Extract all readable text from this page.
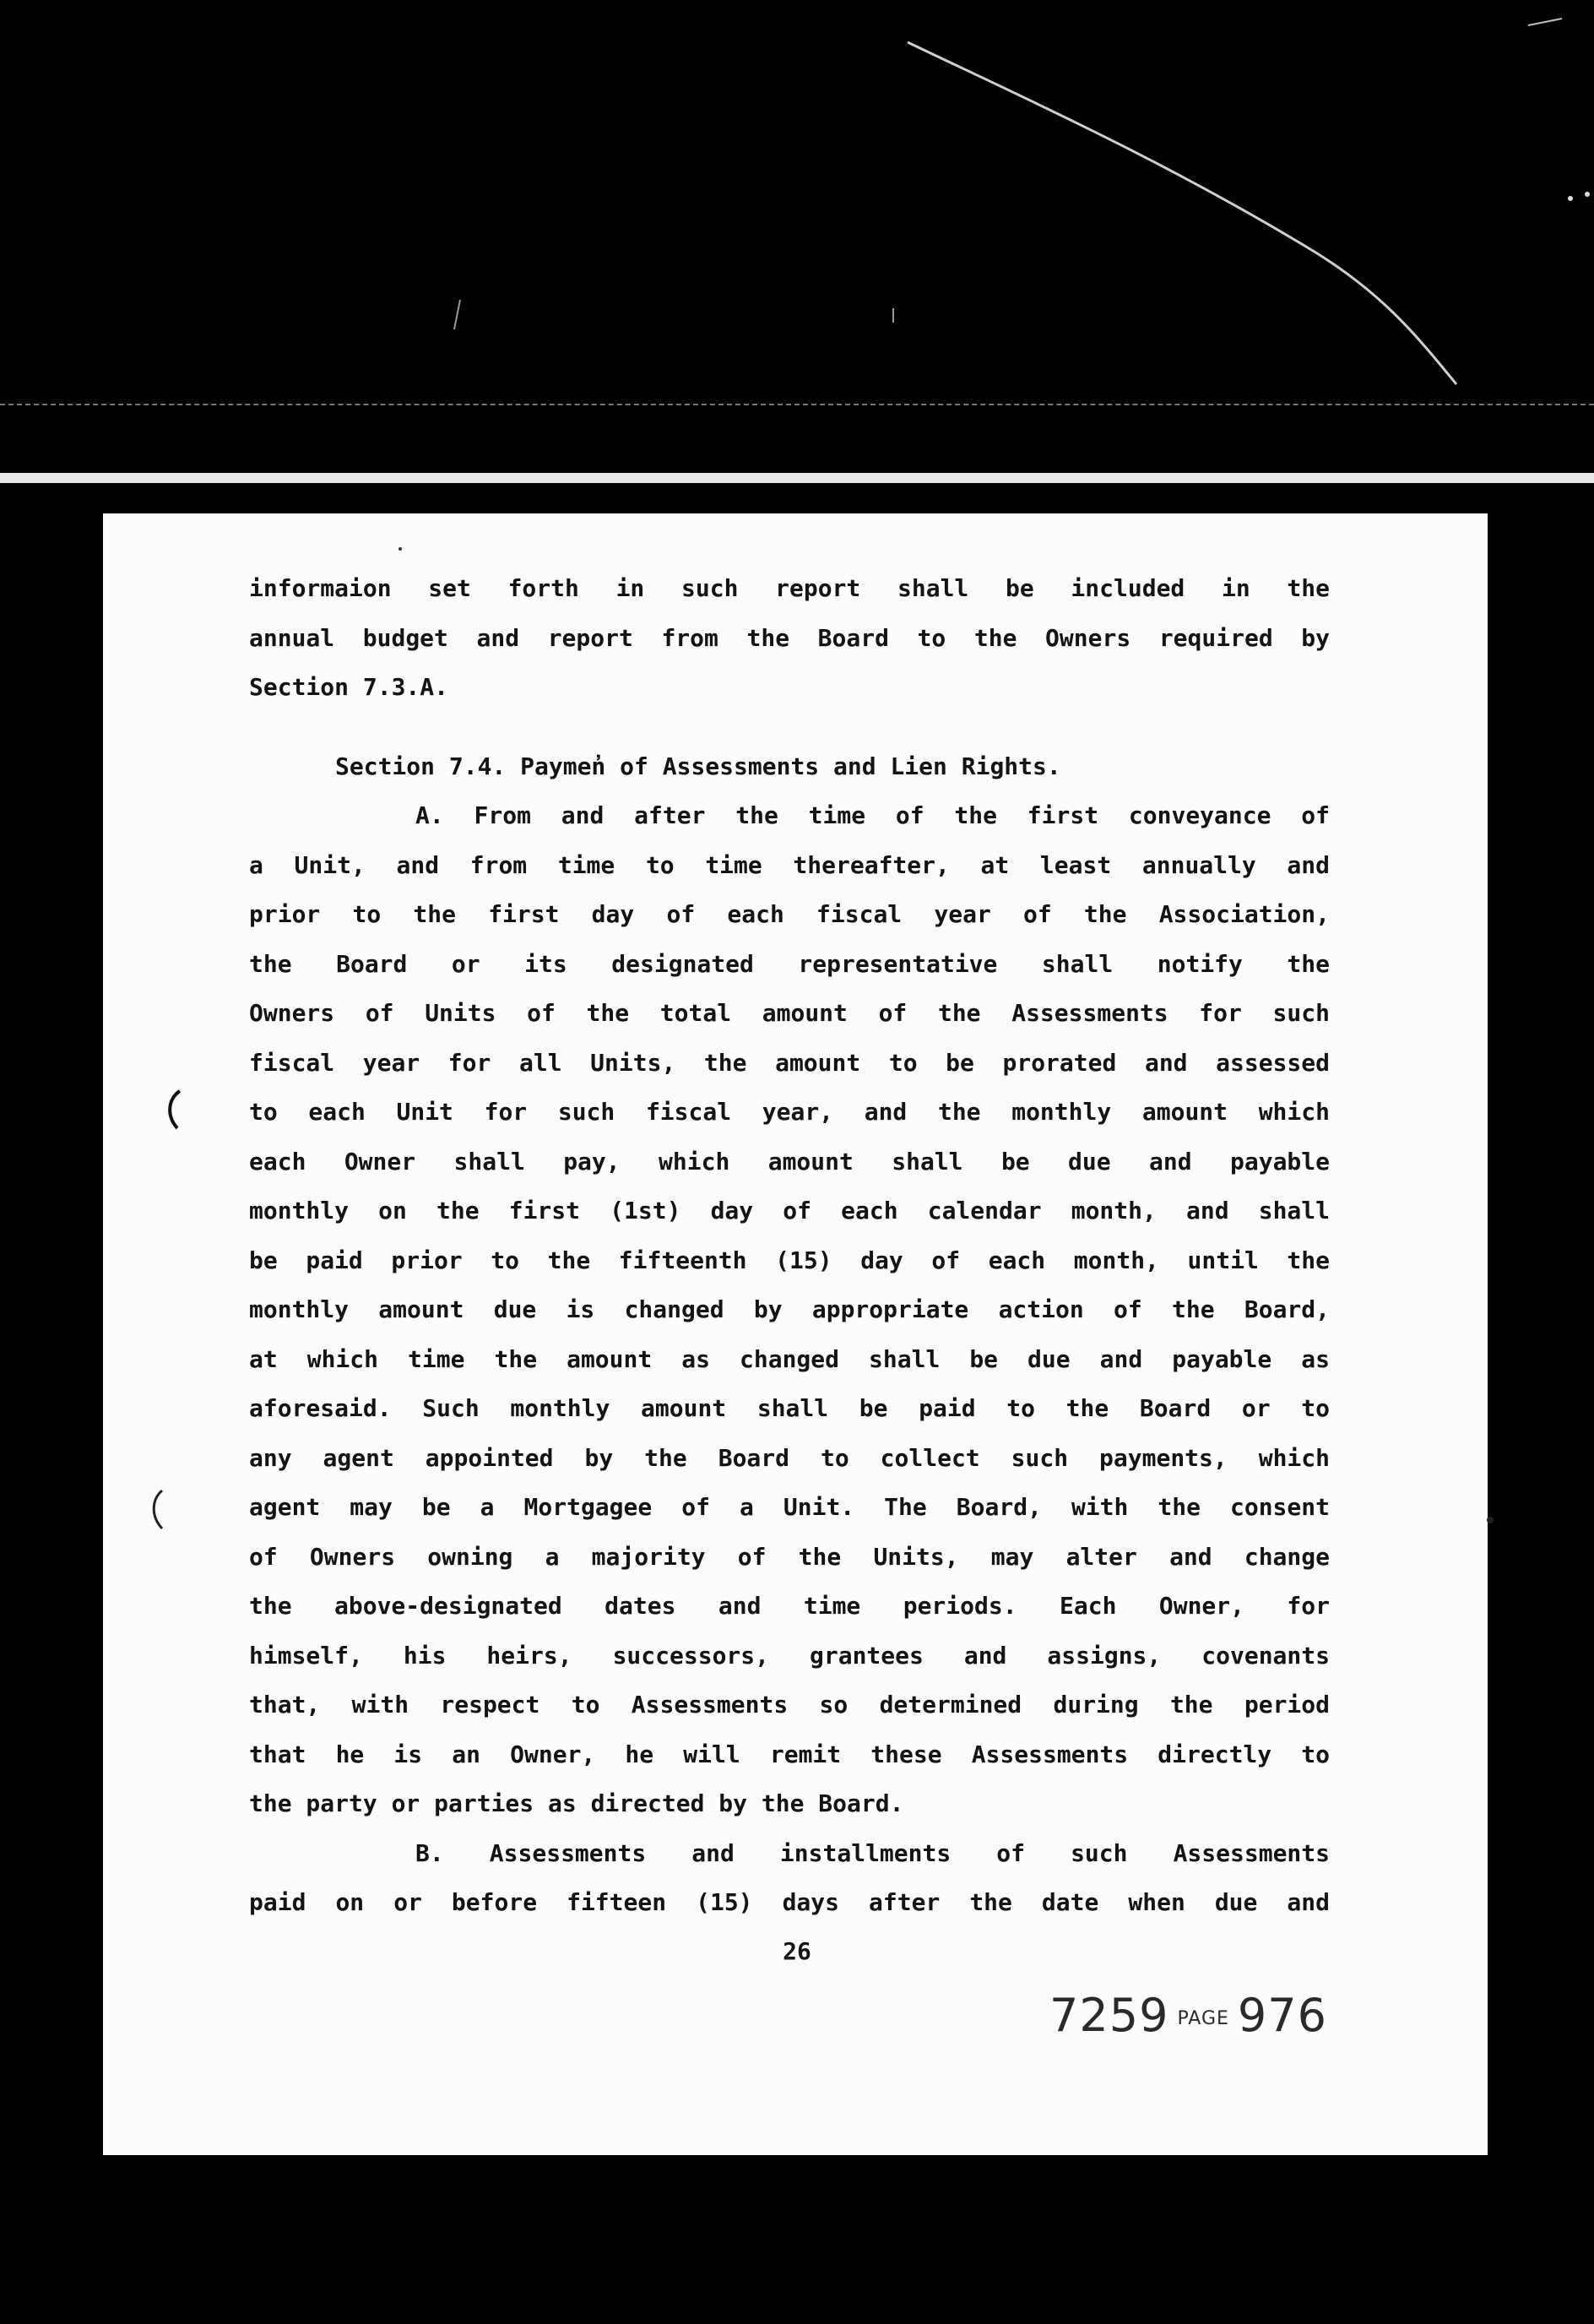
informaion set forth in such report shall be included in the
annual budget and report from the Board to the Owners required by
Section 7.3.A.
Section 7.4. Paymen̓ of Assessments and Lien Rights.
A. From and after the time of the first conveyance of
a Unit, and from time to time thereafter, at least annually and
prior to the first day of each fiscal year of the Association,
the Board or its designated representative shall notify the
Owners of Units of the total amount of the Assessments for such
fiscal year for all Units, the amount to be prorated and assessed
to each Unit for such fiscal year, and the monthly amount which
each Owner shall pay, which amount shall be due and payable
monthly on the first (1st) day of each calendar month, and shall
be paid prior to the fifteenth (15) day of each month, until the
monthly amount due is changed by appropriate action of the Board,
at which time the amount as changed shall be due and payable as
aforesaid. Such monthly amount shall be paid to the Board or to
any agent appointed by the Board to collect such payments, which
agent may be a Mortgagee of a Unit. The Board, with the consent
of Owners owning a majority of the Units, may alter and change
the above-designated dates and time periods. Each Owner, for
himself, his heirs, successors, grantees and assigns, covenants
that, with respect to Assessments so determined during the period
that he is an Owner, he will remit these Assessments directly to
the party or parties as directed by the Board.
B. Assessments and installments of such Assessments
paid on or before fifteen (15) days after the date when due and
26
7259 PAGE 976
